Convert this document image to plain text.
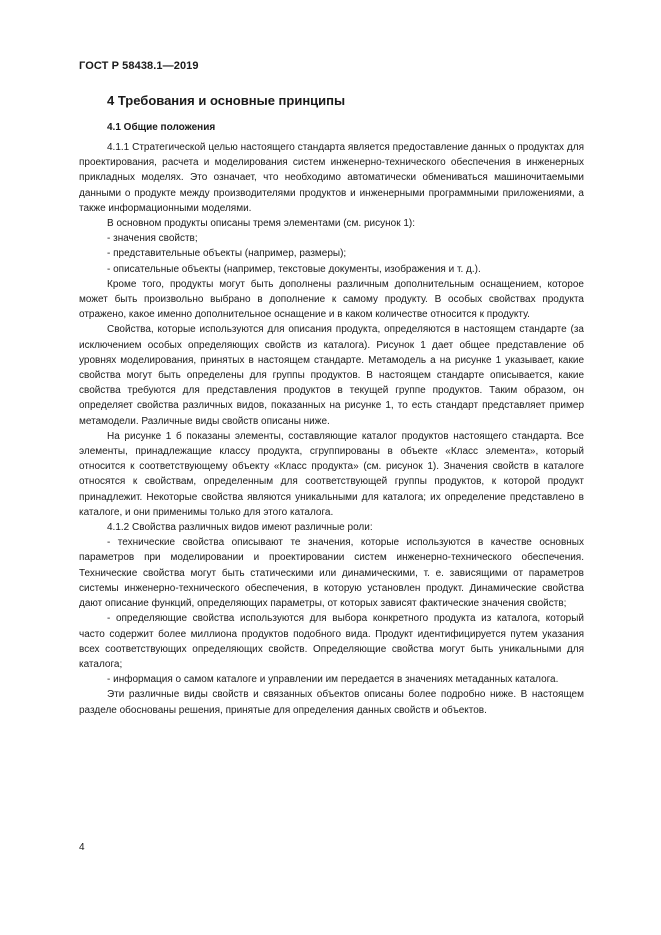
ГОСТ Р 58438.1—2019
4 Требования и основные принципы
4.1 Общие положения

4.1.1 Стратегической целью настоящего стандарта является предоставление данных о продуктах для проектирования, расчета и моделирования систем инженерно-технического обеспечения в инженерных прикладных моделях. Это означает, что необходимо автоматически обмениваться машиночитаемыми данными о продукте между производителями продуктов и инженерными программными приложениями, а также информационными моделями.

В основном продукты описаны тремя элементами (см. рисунок 1):

- значения свойств;

- представительные объекты (например, размеры);

- описательные объекты (например, текстовые документы, изображения и т. д.).

Кроме того, продукты могут быть дополнены различным дополнительным оснащением, которое может быть произвольно выбрано в дополнение к самому продукту. В особых свойствах продукта отражено, какое именно дополнительное оснащение и в каком количестве относится к продукту.

Свойства, которые используются для описания продукта, определяются в настоящем стандарте (за исключением особых определяющих свойств из каталога). Рисунок 1 дает общее представление об уровнях моделирования, принятых в настоящем стандарте. Метамодель а на рисунке 1 указывает, какие свойства могут быть определены для группы продуктов. В настоящем стандарте описывается, какие свойства требуются для представления продуктов в текущей группе продуктов. Таким образом, он определяет свойства различных видов, показанных на рисунке 1, то есть стандарт представляет пример метамодели. Различные виды свойств описаны ниже.

На рисунке 1 б показаны элементы, составляющие каталог продуктов настоящего стандарта. Все элементы, принадлежащие классу продукта, сгруппированы в объекте «Класс элемента», который относится к соответствующему объекту «Класс продукта» (см. рисунок 1). Значения свойств в каталоге относятся к свойствам, определенным для соответствующей группы продуктов, к которой продукт принадлежит. Некоторые свойства являются уникальными для каталога; их определение представлено в каталоге, и они применимы только для этого каталога.

4.1.2 Свойства различных видов имеют различные роли:

- технические свойства описывают те значения, которые используются в качестве основных параметров при моделировании и проектировании систем инженерно-технического обеспечения. Технические свойства могут быть статическими или динамическими, т. е. зависящими от параметров системы инженерно-технического обеспечения, в которую установлен продукт. Динамические свойства дают описание функций, определяющих параметры, от которых зависят фактические значения свойств;

- определяющие свойства используются для выбора конкретного продукта из каталога, который часто содержит более миллиона продуктов подобного вида. Продукт идентифицируется путем указания всех соответствующих определяющих свойств. Определяющие свойства могут быть уникальными для каталога;

- информация о самом каталоге и управлении им передается в значениях метаданных каталога.

Эти различные виды свойств и связанных объектов описаны более подробно ниже. В настоящем разделе обоснованы решения, принятые для определения данных свойств и объектов.

4
